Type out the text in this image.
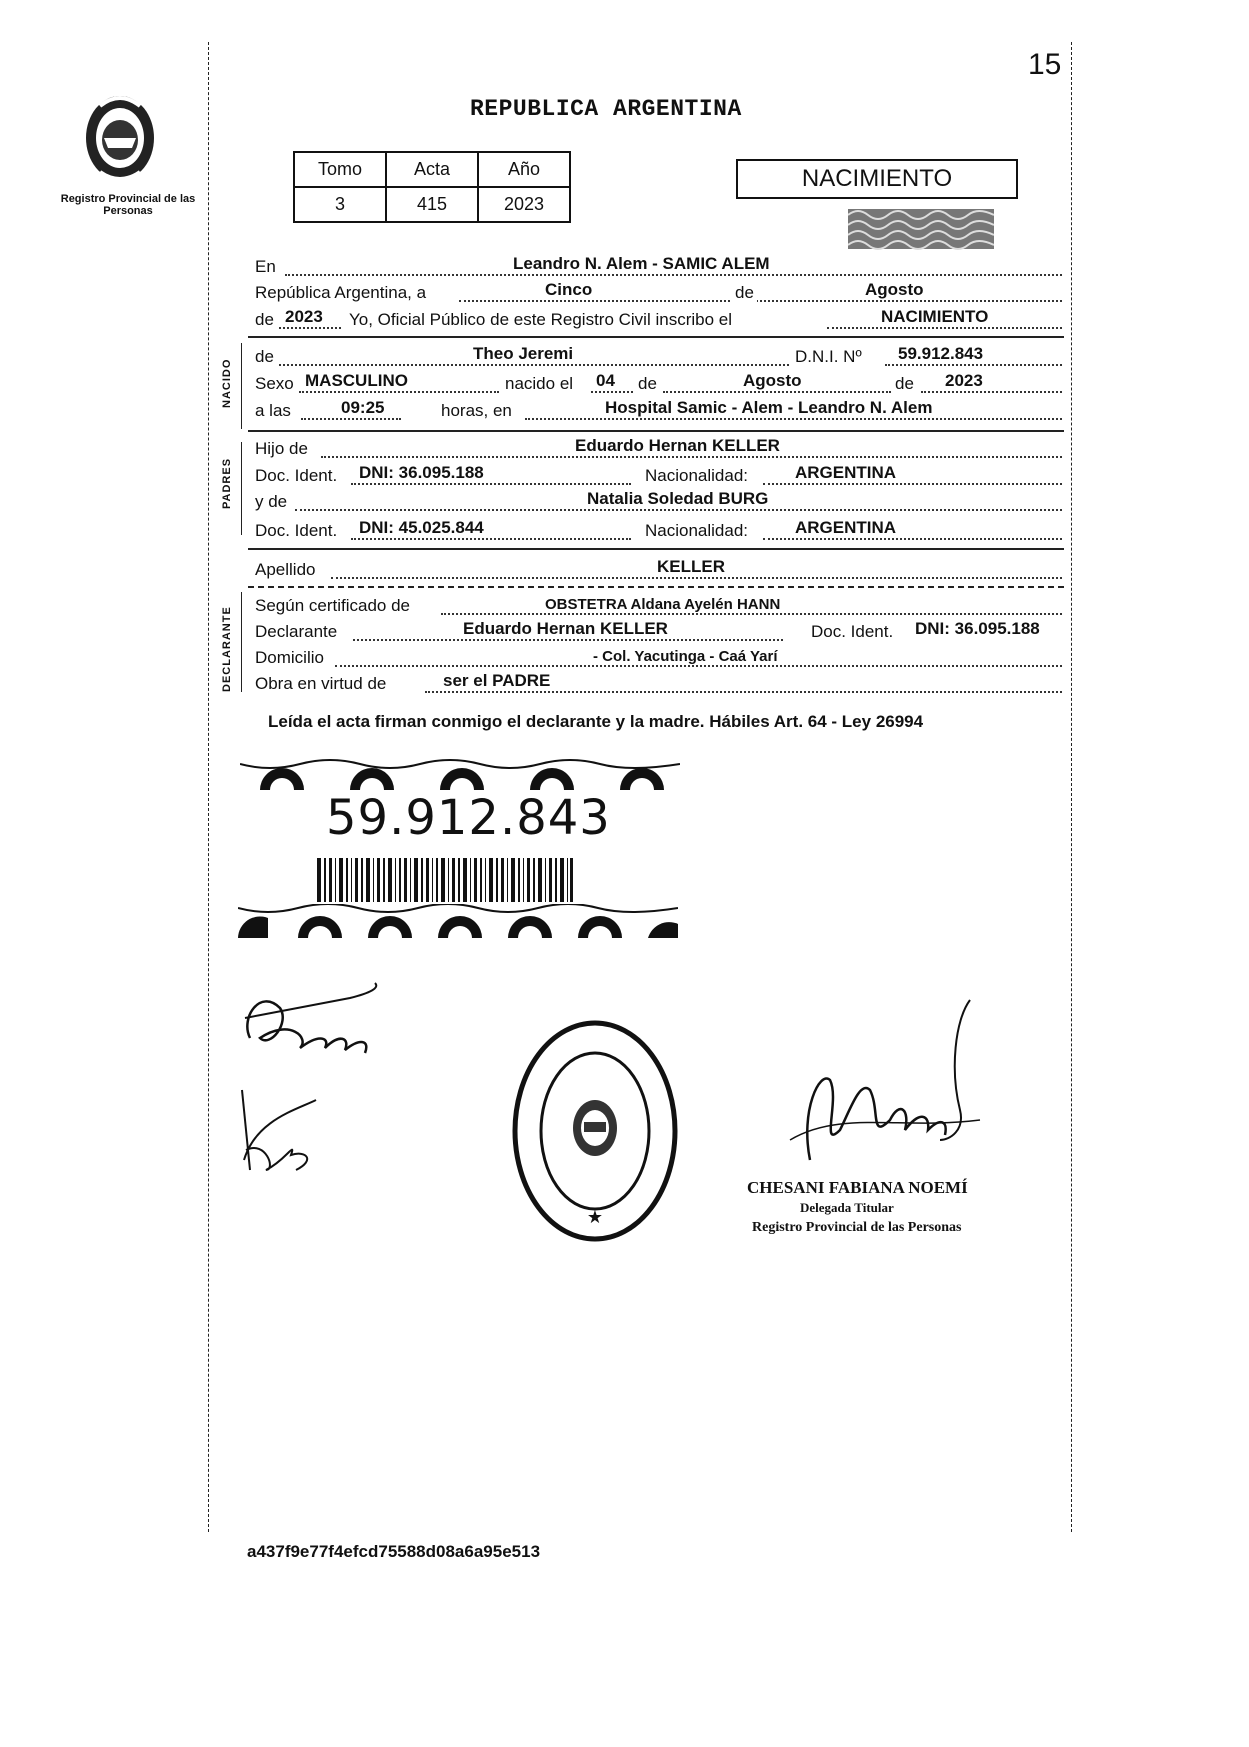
15
Registro Provincial de las Personas
REPUBLICA ARGENTINA
Tomo	Acta	Año
3	415	2023
NACIMIENTO
NACIDO
PADRES
DECLARANTE
En	Leandro N. Alem - SAMIC ALEM
República Argentina, a	Cinco	de	Agosto
de 2023 Yo, Oficial Público de este Registro Civil inscribo el	NACIMIENTO
de	Theo Jeremi	D.N.I. Nº 59.912.843
Sexo MASCULINO	nacido el 04 de	Agosto	de 2023
a las	09:25	horas, en	Hospital Samic - Alem - Leandro N. Alem
Hijo de	Eduardo Hernan KELLER
Doc. Ident. DNI: 36.095.188	Nacionalidad:	ARGENTINA
y de	Natalia Soledad BURG
Doc. Ident. DNI: 45.025.844	Nacionalidad:	ARGENTINA
Apellido	KELLER
Según certificado de	OBSTETRA Aldana Ayelén HANN
Declarante	Eduardo Hernan KELLER	Doc. Ident. DNI: 36.095.188
Domicilio	- Col. Yacutinga - Caá Yarí
Obra en virtud de	ser el PADRE
Leída el acta firman conmigo el declarante y la madre. Hábiles Art. 64 - Ley 26994
59.912.843
★
CHESANI FABIANA NOEMÍ
Delegada Titular
Registro Provincial de las Personas
a437f9e77f4efcd75588d08a6a95e513
